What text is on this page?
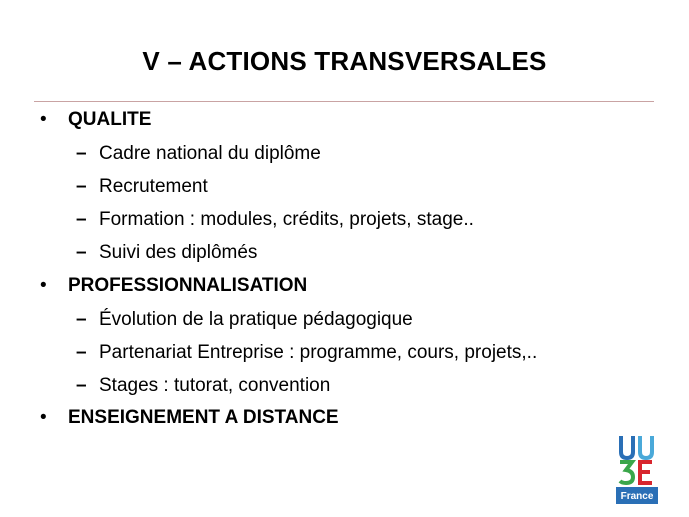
V – ACTIONS TRANSVERSALES
• QUALITE
– Cadre national du diplôme
– Recrutement
– Formation : modules, crédits, projets, stage..
– Suivi des diplômés
• PROFESSIONNALISATION
– Évolution de la pratique pédagogique
– Partenariat Entreprise : programme, cours, projets,..
– Stages : tutorat, convention
• ENSEIGNEMENT A DISTANCE
France
